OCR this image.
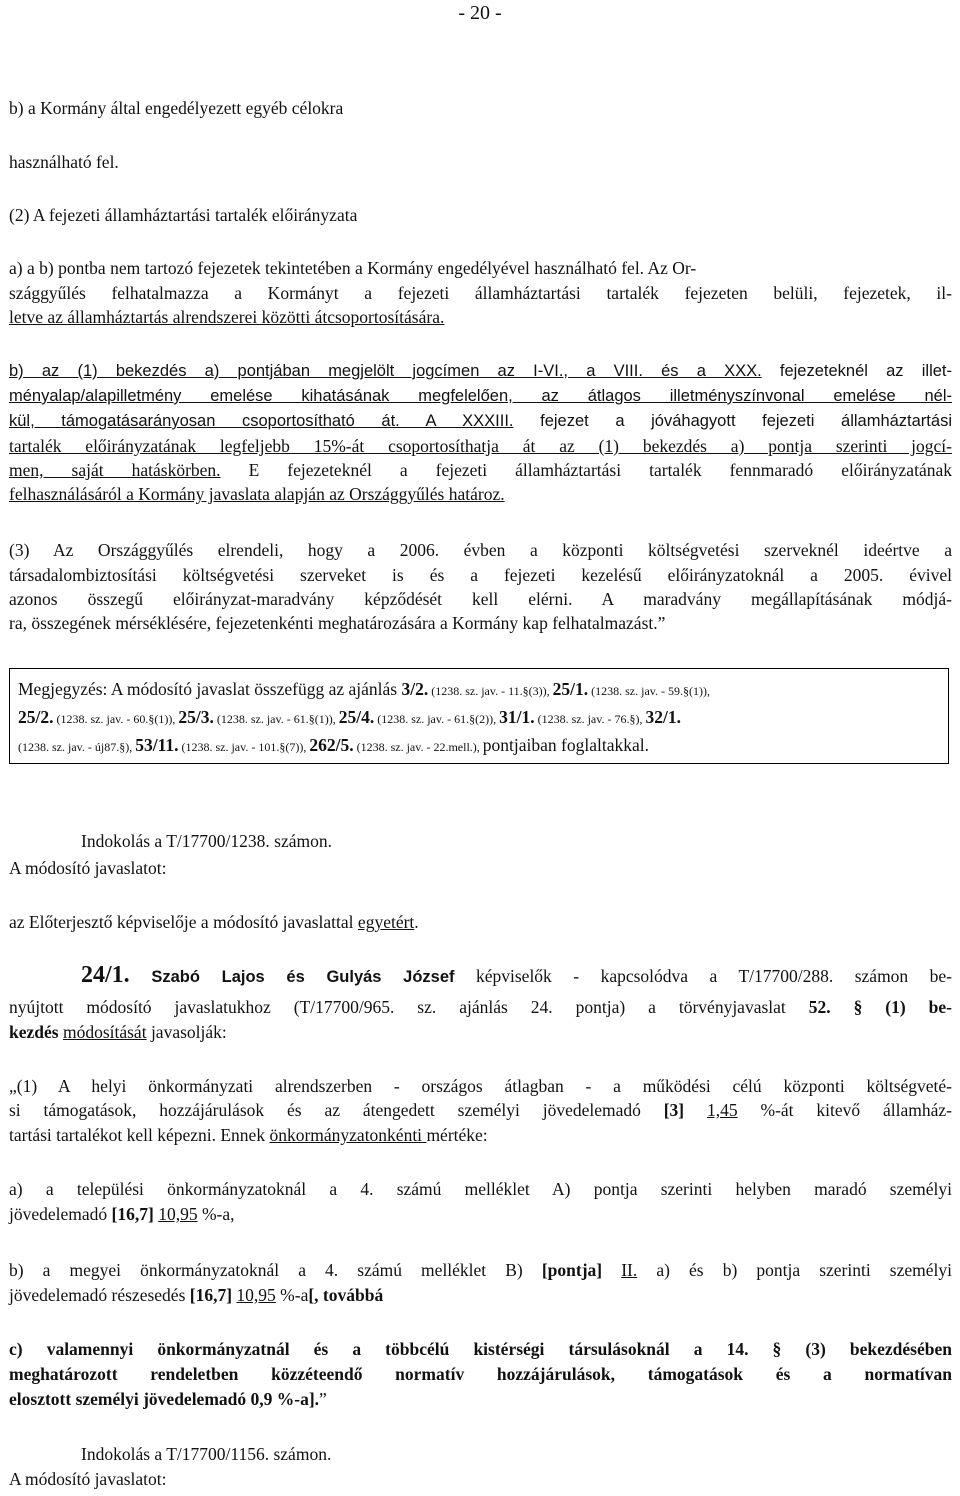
- 20 -
b) a Kormány által engedélyezett egyéb célokra
használható fel.
(2) A fejezeti államháztartási tartalék előirányzata
a) a b) pontba nem tartozó fejezetek tekintetében a Kormány engedélyével használható fel. Az Or-
szággyűlés felhatalmazza a Kormányt a fejezeti államháztartási tartalék fejezeten belüli, fejezetek, il-
letve az államháztartás alrendszerei közötti átcsoportosítására.
b) az (1) bekezdés a) pontjában megjelölt jogcímen az I-VI., a VIII. és a XXX. fejezeteknél az illet-
ményalap/alapilletmény emelése kihatásának megfelelően, az átlagos illetményszínvonal emelése nél-
kül, támogatásarányosan csoportosítható át. A XXXIII. fejezet a jóváhagyott fejezeti államháztartási
tartalék előirányzatának legfeljebb 15%-át csoportosíthatja át az (1) bekezdés a) pontja szerinti jogcí-
men, saját hatáskörben. E fejezeteknél a fejezeti államháztartási tartalék fennmaradó előirányzatának
felhasználásáról a Kormány javaslata alapján az Országgyűlés határoz.
(3) Az Országgyűlés elrendeli, hogy a 2006. évben a központi költségvetési szerveknél ideértve a
társadalombiztosítási költségvetési szerveket is és a fejezeti kezelésű előirányzatoknál a 2005. évivel
azonos összegű előirányzat-maradvány képződését kell elérni. A maradvány megállapításának módjá-
ra, összegének mérséklésére, fejezetenkénti meghatározására a Kormány kap felhatalmazást.”
Megjegyzés: A módosító javaslat összefügg az ajánlás 3/2. (1238. sz. jav. - 11.§(3)), 25/1. (1238. sz. jav. - 59.§(1)),
25/2. (1238. sz. jav. - 60.§(1)), 25/3. (1238. sz. jav. - 61.§(1)), 25/4. (1238. sz. jav. - 61.§(2)), 31/1. (1238. sz. jav. - 76.§), 32/1.
(1238. sz. jav. - új87.§), 53/11. (1238. sz. jav. - 101.§(7)), 262/5. (1238. sz. jav. - 22.mell.), pontjaiban foglaltakkal.
Indokolás a T/17700/1238. számon.
A módosító javaslatot:
az Előterjesztő képviselője a módosító javaslattal egyetért.
24/1. Szabó Lajos és Gulyás József képviselők - kapcsolódva a T/17700/288. számon be-
nyújtott módosító javaslatukhoz (T/17700/965. sz. ajánlás 24. pontja) a törvényjavaslat 52. § (1) be-
kezdés módosítását javasolják:
„(1) A helyi önkormányzati alrendszerben - országos átlagban - a működési célú központi költségveté-
si támogatások, hozzájárulások és az átengedett személyi jövedelemadó [3] 1,45 %-át kitevő államház-
tartási tartalékot kell képezni. Ennek önkormányzatonkénti mértéke:
a) a települési önkormányzatoknál a 4. számú melléklet A) pontja szerinti helyben maradó személyi
jövedelemadó [16,7] 10,95 %-a,
b) a megyei önkormányzatoknál a 4. számú melléklet B) [pontja] II. a) és b) pontja szerinti személyi
jövedelemadó részesedés [16,7] 10,95 %-a[, továbbá
c) valamennyi önkormányzatnál és a többcélú kistérségi társulásoknál a 14. § (3) bekezdésében
meghatározott rendeletben közzéteendő normatív hozzájárulások, támogatások és a normatívan
elosztott személyi jövedelemadó 0,9 %-a].”
Indokolás a T/17700/1156. számon.
A módosító javaslatot:
